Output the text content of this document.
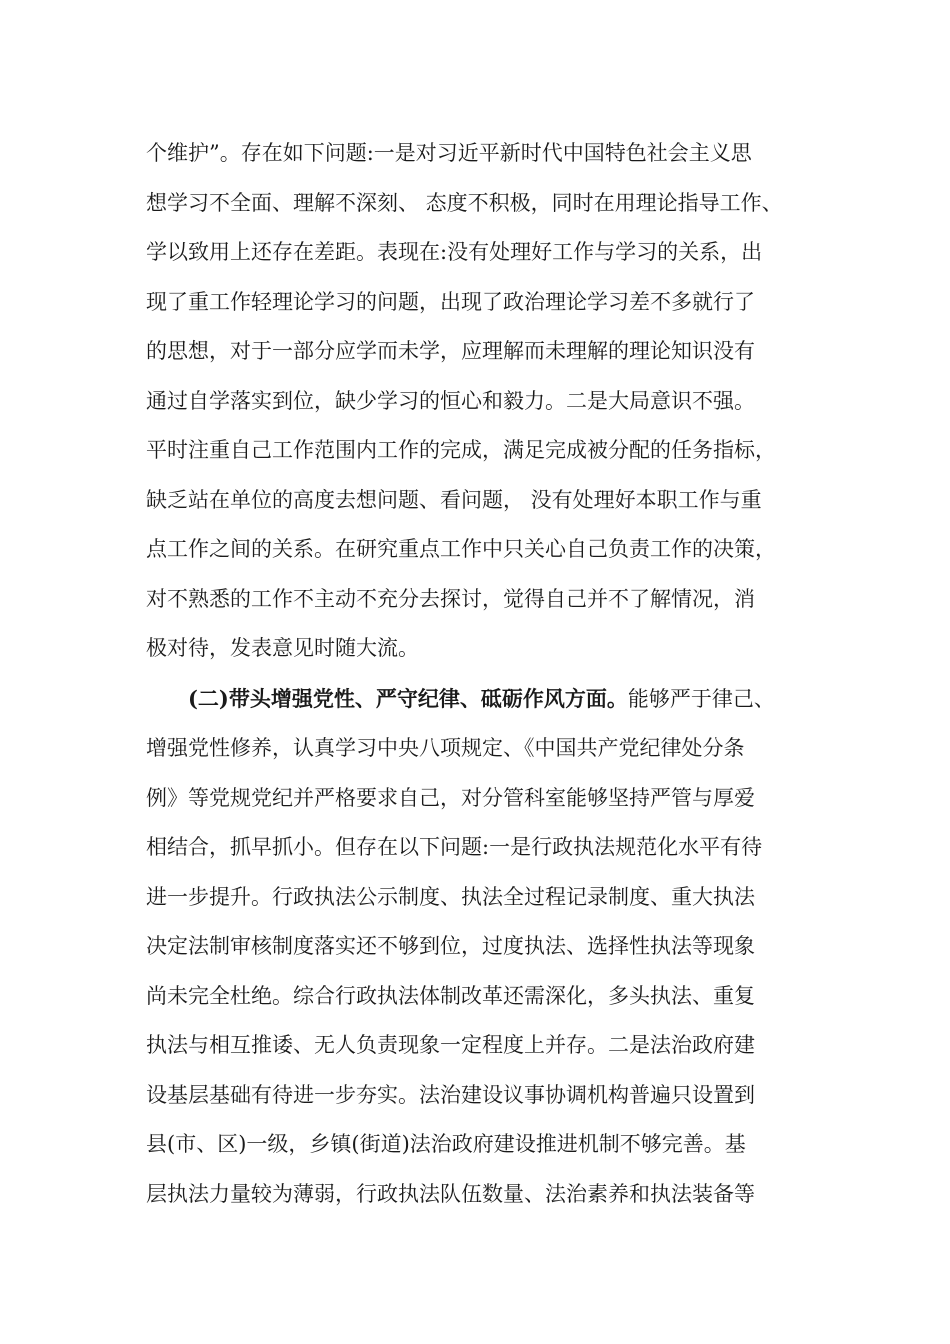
个维护”。存在如下问题:一是对习近平新时代中国特色社会主义思
想学习不全面、理解不深刻、 态度不积极，同时在用理论指导工作、
学以致用上还存在差距。表现在:没有处理好工作与学习的关系，出
现了重工作轻理论学习的问题，出现了政治理论学习差不多就行了
的思想，对于一部分应学而未学，应理解而未理解的理论知识没有
通过自学落实到位，缺少学习的恒心和毅力。二是大局意识不强。
平时注重自己工作范围内工作的完成，满足完成被分配的任务指标，
缺乏站在单位的高度去想问题、看问题， 没有处理好本职工作与重
点工作之间的关系。在研究重点工作中只关心自己负责工作的决策，
对不熟悉的工作不主动不充分去探讨，觉得自己并不了解情况，消
极对待，发表意见时随大流。
(二)带头增强党性、严守纪律、砥砺作风方面。能够严于律己、
增强党性修养，认真学习中央八项规定、《中国共产党纪律处分条
例》等党规党纪并严格要求自己，对分管科室能够坚持严管与厚爱
相结合，抓早抓小。但存在以下问题:一是行政执法规范化水平有待
进一步提升。行政执法公示制度、执法全过程记录制度、重大执法
决定法制审核制度落实还不够到位，过度执法、选择性执法等现象
尚未完全杜绝。综合行政执法体制改革还需深化，多头执法、重复
执法与相互推诿、无人负责现象一定程度上并存。二是法治政府建
设基层基础有待进一步夯实。法治建设议事协调机构普遍只设置到
县(市、区)一级，乡镇(街道)法治政府建设推进机制不够完善。基
层执法力量较为薄弱，行政执法队伍数量、法治素养和执法装备等
